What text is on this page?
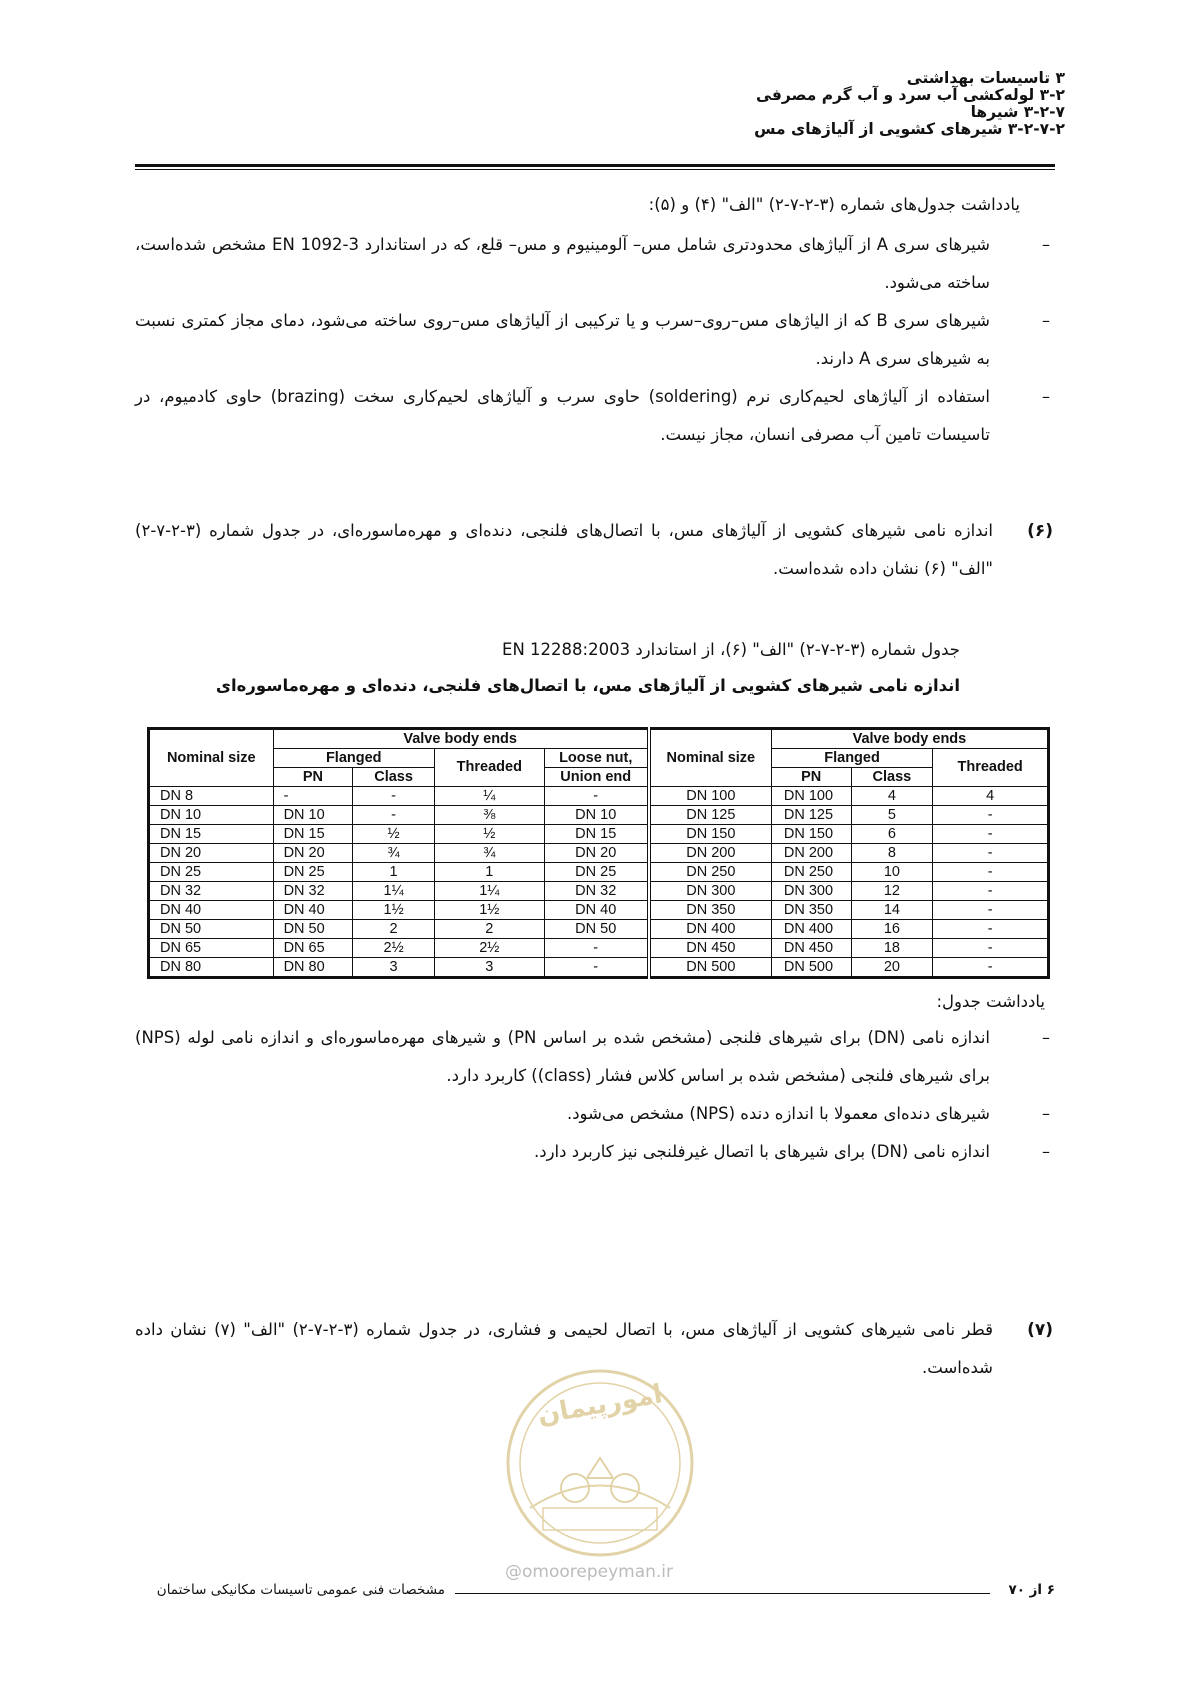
۳ تاسیسات بهداشتی
۳-۲ لوله‌کشی آب سرد و آب گرم مصرفی
۳-۲-۷ شیرها
۳-۲-۷-۲ شیرهای کشویی از آلیاژهای مس
یادداشت جدول‌های شماره (۳-۲-۷-۲) "الف" (۴) و (۵):
–
شیرهای سری A از آلیاژهای محدودتری شامل مس– آلومینیوم و مس– قلع، که در استاندارد EN 1092-3 مشخص شده‌است، ساخته می‌شود.
–
شیرهای سری B که از الیاژهای مس–روی–سرب و یا ترکیبی از آلیاژهای مس–روی ساخته می‌شود، دمای مجاز کمتری نسبت به شیرهای سری A دارند.
–
استفاده از آلیاژهای لحیم‌کاری نرم (soldering) حاوی سرب و آلیاژهای لحیم‌کاری سخت (brazing) حاوی کادمیوم، در تاسیسات تامین آب مصرفی انسان، مجاز نیست.
(۶)
اندازه نامی شیرهای کشویی از آلیاژهای مس، با اتصال‌های فلنجی، دنده‌ای و مهره‌ماسوره‌ای، در جدول شماره (۳-۲-۷-۲) "الف" (۶) نشان داده شده‌است.
جدول شماره (۳-۲-۷-۲) "الف" (۶)، از استاندارد EN 12288:2003
اندازه نامی شیرهای کشویی از آلیاژهای مس، با اتصال‌های فلنجی، دنده‌ای و مهره‌ماسوره‌ای
Nominal size	Valve body ends				Nominal size	Valve body ends		
	Flanged		Threaded	Loose nut,		Flanged		Threaded
	PN	Class		Union end		PN	Class	
DN 8	-	-	¼	-	DN 100	DN 100	4	4
DN 10	DN 10	-	⅜	DN 10	DN 125	DN 125	5	-
DN 15	DN 15	½	½	DN 15	DN 150	DN 150	6	-
DN 20	DN 20	¾	¾	DN 20	DN 200	DN 200	8	-
DN 25	DN 25	1	1	DN 25	DN 250	DN 250	10	-
DN 32	DN 32	1¼	1¼	DN 32	DN 300	DN 300	12	-
DN 40	DN 40	1½	1½	DN 40	DN 350	DN 350	14	-
DN 50	DN 50	2	2	DN 50	DN 400	DN 400	16	-
DN 65	DN 65	2½	2½	-	DN 450	DN 450	18	-
DN 80	DN 80	3	3	-	DN 500	DN 500	20	-
یادداشت جدول:
–
اندازه نامی (DN) برای شیرهای فلنجی (مشخص شده بر اساس PN) و شیرهای مهره‌ماسوره‌ای و اندازه نامی لوله (NPS) برای شیرهای فلنجی (مشخص شده بر اساس کلاس فشار (class)) کاربرد دارد.
–
شیرهای دنده‌ای معمولا با اندازه دنده (NPS) مشخص می‌شود.
–
اندازه نامی (DN) برای شیرهای با اتصال غیرفلنجی نیز کاربرد دارد.
(۷)
قطر نامی شیرهای کشویی از آلیاژهای مس، با اتصال لحیمی و فشاری، در جدول شماره (۳-۲-۷-۲) "الف" (۷) نشان داده شده‌است.
امورپیمان
@omoorepeyman.ir
۶ از ۷۰
مشخصات فنی عمومی تاسیسات مکانیکی ساختمان
